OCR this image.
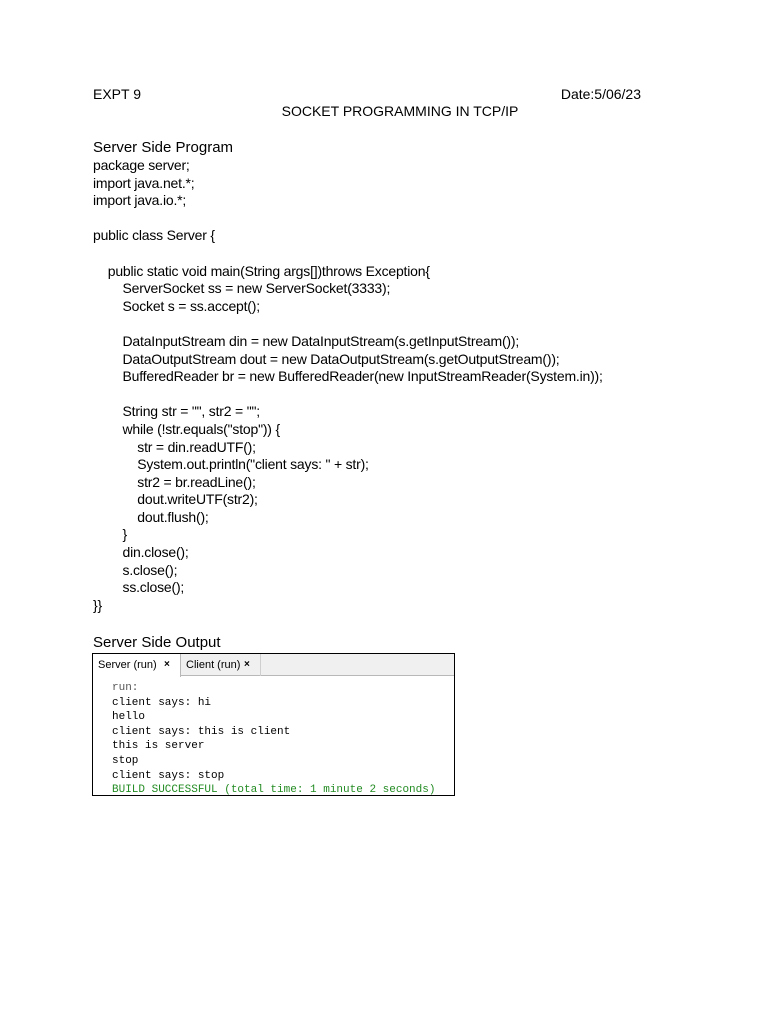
EXPT 9	Date:5/06/23
SOCKET PROGRAMMING IN TCP/IP
Server Side Program
package server;
import java.net.*;
import java.io.*;
public class Server {
public static void main(String args[])throws Exception{
ServerSocket ss = new ServerSocket(3333);
Socket s = ss.accept();
DataInputStream din = new DataInputStream(s.getInputStream());
DataOutputStream dout = new DataOutputStream(s.getOutputStream());
BufferedReader br = new BufferedReader(new InputStreamReader(System.in));
String str = "", str2 = "";
while (!str.equals("stop")) {
str = din.readUTF();
System.out.println("client says: " + str);
str2 = br.readLine();
dout.writeUTF(str2);
dout.flush();
}
din.close();
s.close();
ss.close();
}}
Server Side Output
Server (run) ×	Client (run) ×
run:
client says: hi
hello
client says: this is client
this is server
stop
client says: stop
BUILD SUCCESSFUL (total time: 1 minute 2 seconds)
